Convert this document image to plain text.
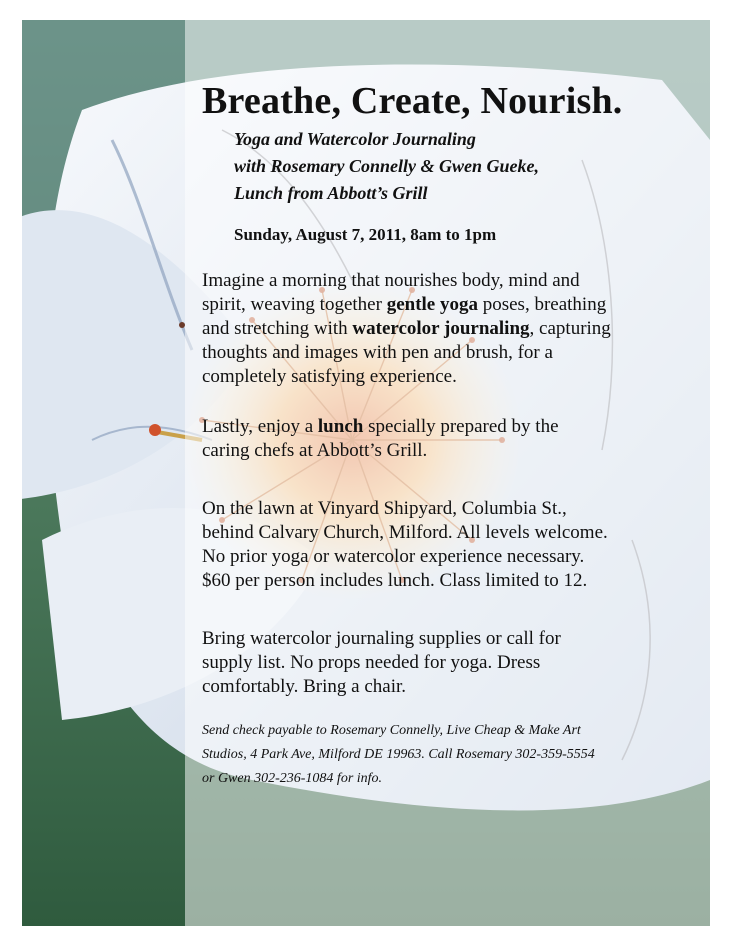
Breathe, Create, Nourish.
Yoga and Watercolor Journaling
with Rosemary Connelly & Gwen Gueke,
Lunch from Abbott’s Grill
Sunday, August 7, 2011, 8am to 1pm
Imagine a morning that nourishes body, mind and
spirit, weaving together gentle yoga poses, breathing
and stretching with watercolor journaling, capturing
thoughts and images with pen and brush, for a
completely satisfying experience.
Lastly, enjoy a lunch specially prepared by the
caring chefs at Abbott’s Grill.
On the lawn at Vinyard Shipyard, Columbia St.,
behind Calvary Church, Milford. All levels welcome.
No prior yoga or watercolor experience necessary.
$60 per person includes lunch. Class limited to 12.
Bring watercolor journaling supplies or call for
supply list. No props needed for yoga. Dress
comfortably. Bring a chair.
Send check payable to Rosemary Connelly, Live Cheap & Make Art
Studios, 4 Park Ave, Milford DE 19963. Call Rosemary 302-359-5554
or Gwen 302-236-1084 for info.
